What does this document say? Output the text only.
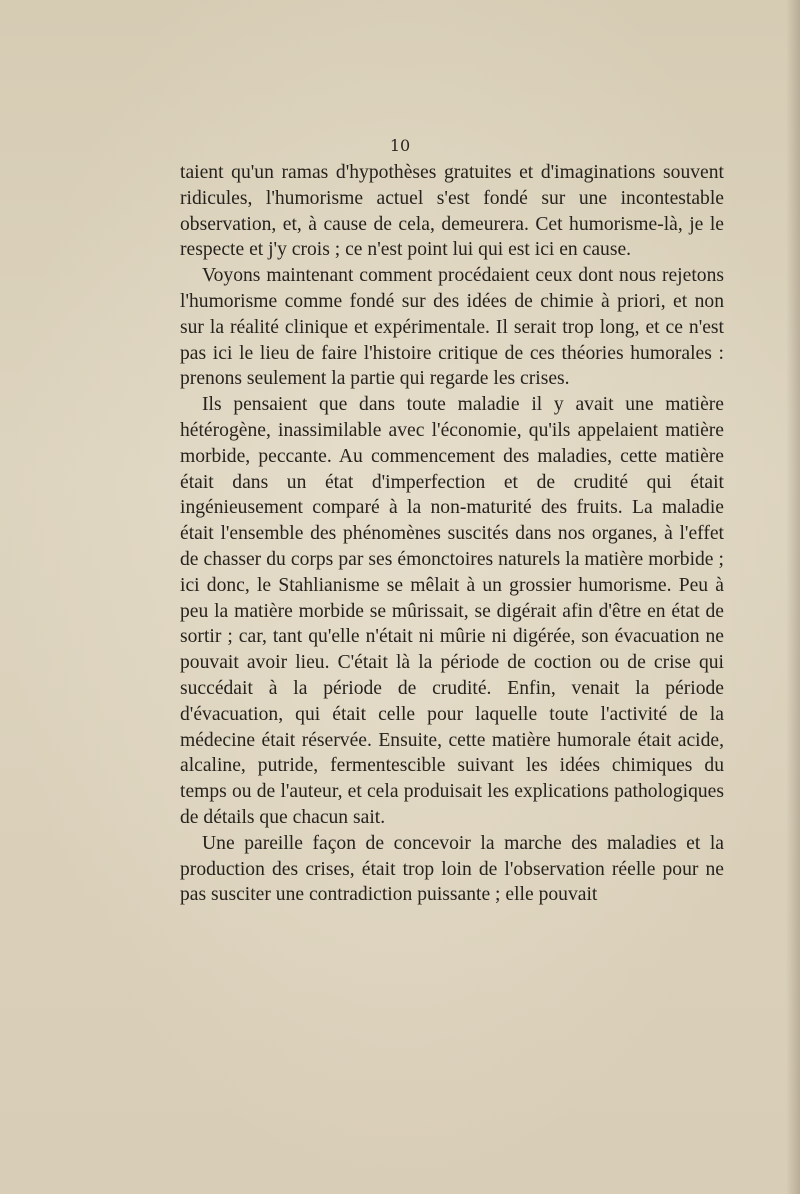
10

taient qu'un ramas d'hypothèses gratuites et d'imaginations souvent ridicules, l'humorisme actuel s'est fondé sur une incontestable observation, et, à cause de cela, demeurera. Cet humorisme-là, je le respecte et j'y crois ; ce n'est point lui qui est ici en cause.

Voyons maintenant comment procédaient ceux dont nous rejetons l'humorisme comme fondé sur des idées de chimie à priori, et non sur la réalité clinique et expérimentale. Il serait trop long, et ce n'est pas ici le lieu de faire l'histoire critique de ces théories humorales : prenons seulement la partie qui regarde les crises.

Ils pensaient que dans toute maladie il y avait une matière hétérogène, inassimilable avec l'économie, qu'ils appelaient matière morbide, peccante. Au commencement des maladies, cette matière était dans un état d'imperfection et de crudité qui était ingénieusement comparé à la non-maturité des fruits. La maladie était l'ensemble des phénomènes suscités dans nos organes, à l'effet de chasser du corps par ses émonctoires naturels la matière morbide ; ici donc, le Stahlianisme se mêlait à un grossier humorisme. Peu à peu la matière morbide se mûrissait, se digérait afin d'être en état de sortir ; car, tant qu'elle n'était ni mûrie ni digérée, son évacuation ne pouvait avoir lieu. C'était là la période de coction ou de crise qui succédait à la période de crudité. Enfin, venait la période d'évacuation, qui était celle pour laquelle toute l'activité de la médecine était réservée. Ensuite, cette matière humorale était acide, alcaline, putride, fermentescible suivant les idées chimiques du temps ou de l'auteur, et cela produisait les explications pathologiques de détails que chacun sait.

Une pareille façon de concevoir la marche des maladies et la production des crises, était trop loin de l'observation réelle pour ne pas susciter une contradiction puissante ; elle pouvait
